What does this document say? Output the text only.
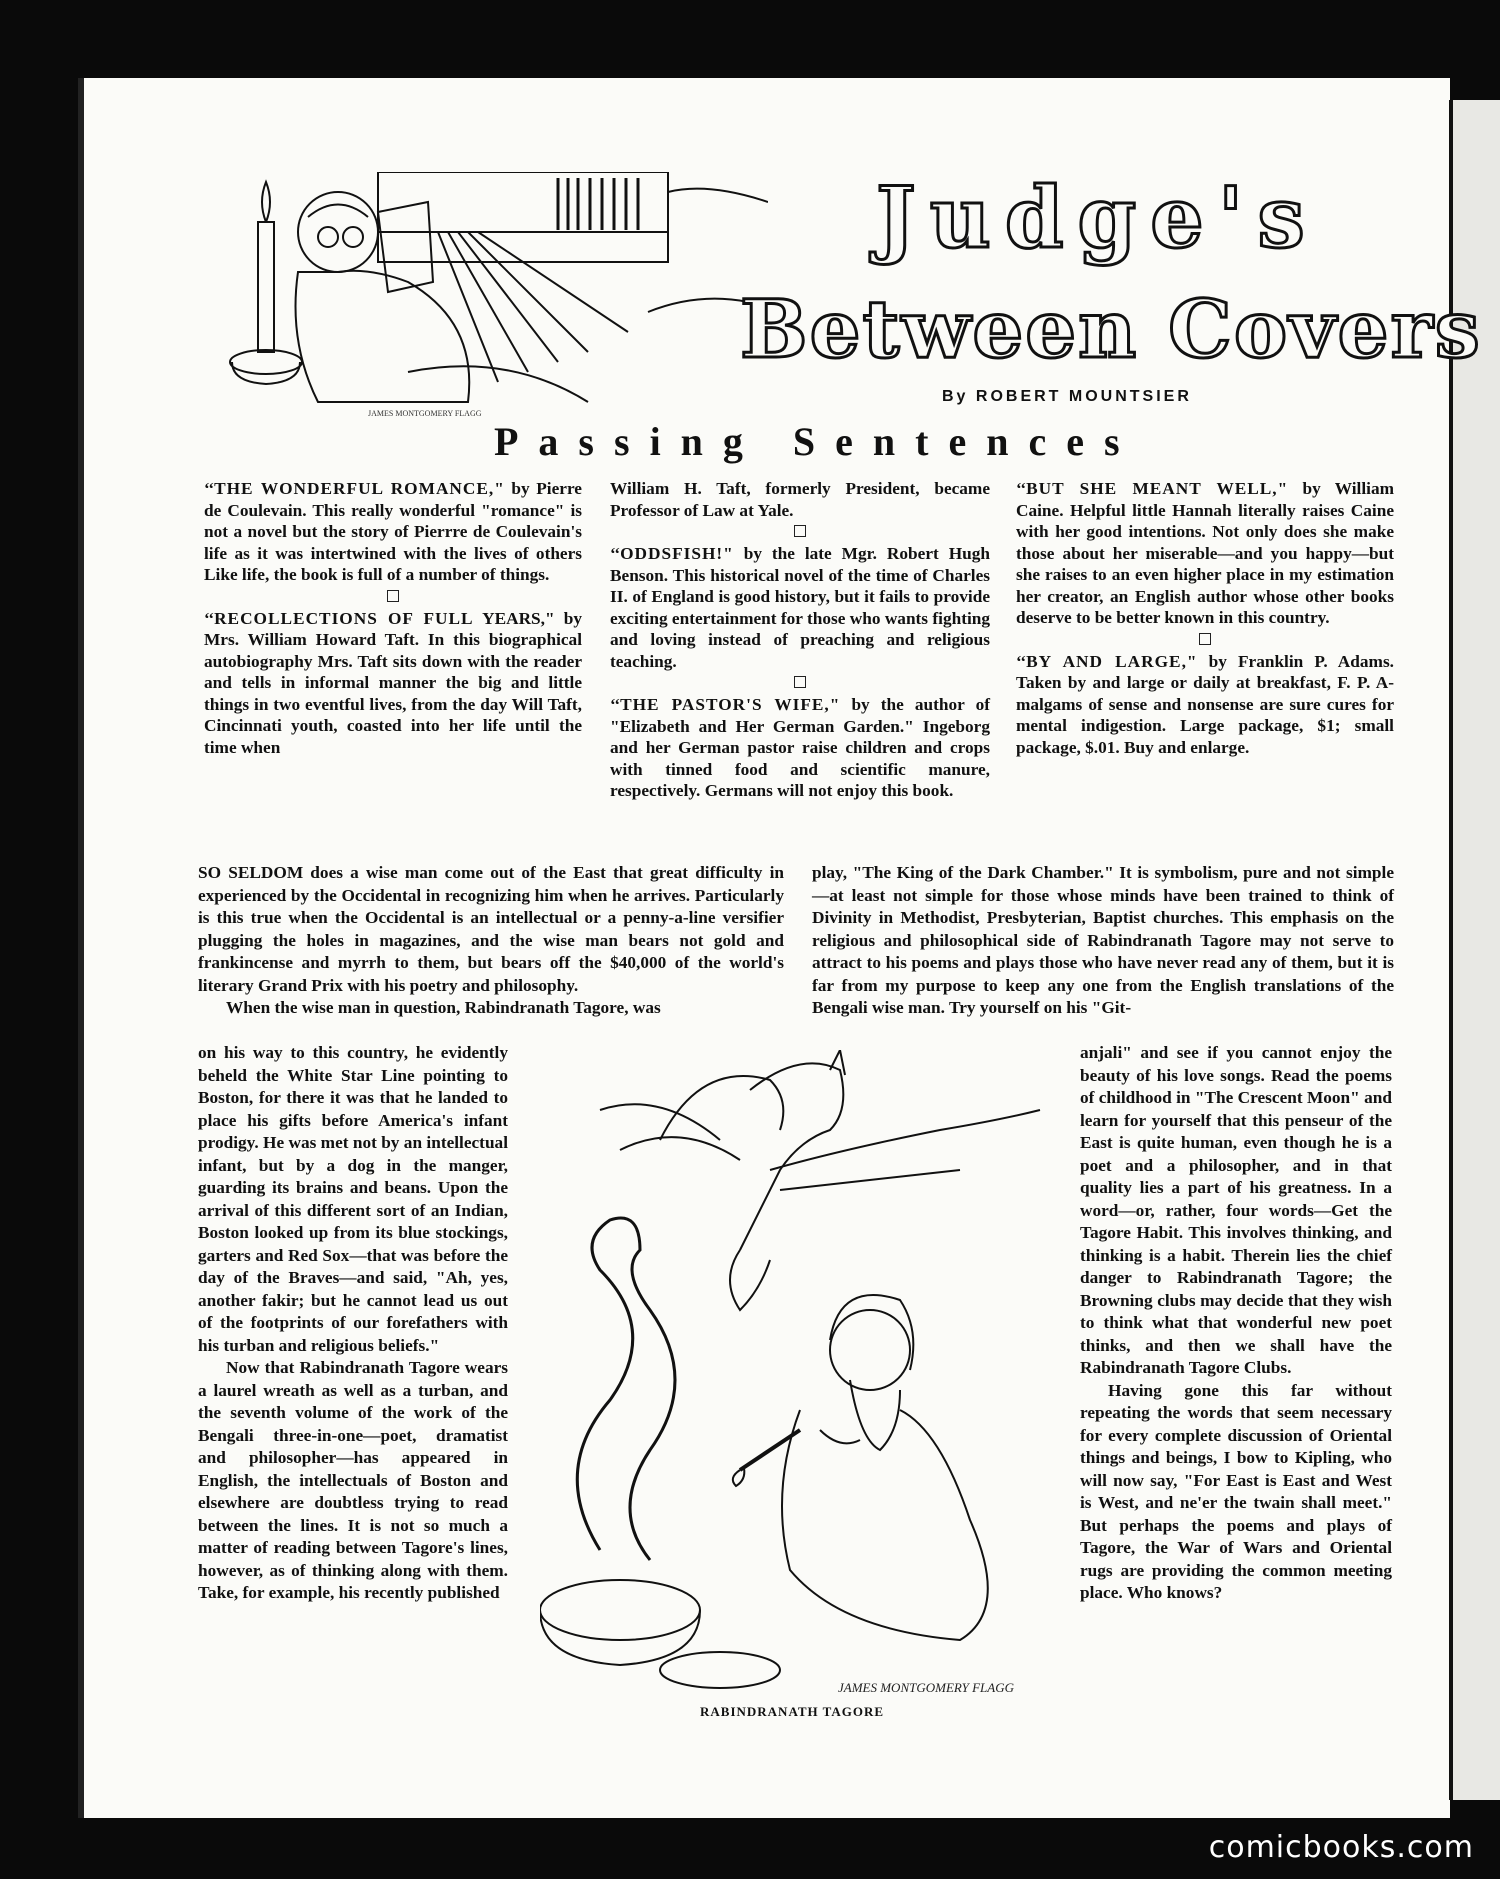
JAMES MONTGOMERY FLAGG
Judge's
Between Covers
By ROBERT MOUNTSIER
Passing Sentences

‘‘THE WONDERFUL ROMANCE," by Pierre de Coulevain. This really wonderful "romance" is not a novel but the story of Pierrre de Coulevain's life as it was intertwined with the lives of others Like life, the book is full of a number of things.

‘‘RECOLLECTIONS OF FULL YEARS," by Mrs. William Howard Taft. In this biographical autobiography Mrs. Taft sits down with the reader and tells in informal manner the big and little things in two eventful lives, from the day Will Taft, Cincinnati youth, coasted into her life until the time when

William H. Taft, formerly President, became Professor of Law at Yale.

‘‘ODDSFISH!" by the late Mgr. Robert Hugh Benson. This historical novel of the time of Charles II. of England is good history, but it fails to provide exciting entertainment for those who wants fighting and loving instead of preaching and religious teaching.

‘‘THE PASTOR'S WIFE," by the author of "Elizabeth and Her German Garden." Ingeborg and her German pastor raise children and crops with tinned food and scientific manure, respectively. Germans will not enjoy this book.

‘‘BUT SHE MEANT WELL," by William Caine. Helpful little Hannah literally raises Caine with her good intentions. Not only does she make those about her miserable—and you happy—but she raises to an even higher place in my estimation her creator, an English author whose other books deserve to be better known in this country.

‘‘BY AND LARGE," by Franklin P. Adams. Taken by and large or daily at breakfast, F. P. A-malgams of sense and nonsense are sure cures for mental indigestion. Large package, $1; small package, $.01. Buy and enlarge.

SO SELDOM does a wise man come out of the East that great difficulty in experienced by the Occidental in recognizing him when he arrives. Particularly is this true when the Occidental is an intellectual or a penny-a-line versifier plugging the holes in magazines, and the wise man bears not gold and frankincense and myrrh to them, but bears off the $40,000 of the world's literary Grand Prix with his poetry and philosophy.

When the wise man in question, Rabindranath Tagore, was

on his way to this country, he evidently beheld the White Star Line pointing to Boston, for there it was that he landed to place his gifts before America's infant prodigy. He was met not by an intellectual infant, but by a dog in the manger, guarding its brains and beans. Upon the arrival of this different sort of an Indian, Boston looked up from its blue stockings, garters and Red Sox—that was before the day of the Braves—and said, "Ah, yes, another fakir; but he cannot lead us out of the footprints of our forefathers with his turban and religious beliefs."

Now that Rabindranath Tagore wears a laurel wreath as well as a turban, and the seventh volume of the work of the Bengali three-in-one—poet, dramatist and philosopher—has appeared in English, the intellectuals of Boston and elsewhere are doubtless trying to read between the lines. It is not so much a matter of reading between Tagore's lines, however, as of thinking along with them. Take, for example, his recently published

play, "The King of the Dark Chamber." It is symbolism, pure and not simple—at least not simple for those whose minds have been trained to think of Divinity in Methodist, Presbyterian, Baptist churches. This emphasis on the religious and philosophical side of Rabindranath Tagore may not serve to attract to his poems and plays those who have never read any of them, but it is far from my purpose to keep any one from the English translations of the Bengali wise man. Try yourself on his "Git-

anjali" and see if you cannot enjoy the beauty of his love songs. Read the poems of childhood in "The Crescent Moon" and learn for yourself that this penseur of the East is quite human, even though he is a poet and a philosopher, and in that quality lies a part of his greatness. In a word—or, rather, four words—Get the Tagore Habit. This involves thinking, and thinking is a habit. Therein lies the chief danger to Rabindranath Tagore; the Browning clubs may decide that they wish to think what that wonderful new poet thinks, and then we shall have the Rabindranath Tagore Clubs.

Having gone this far without repeating the words that seem necessary for every complete discussion of Oriental things and beings, I bow to Kipling, who will now say, "For East is East and West is West, and ne'er the twain shall meet." But perhaps the poems and plays of Tagore, the War of Wars and Oriental rugs are providing the common meeting place. Who knows?

JAMES MONTGOMERY FLAGG
RABINDRANATH TAGORE
comicbooks.com
